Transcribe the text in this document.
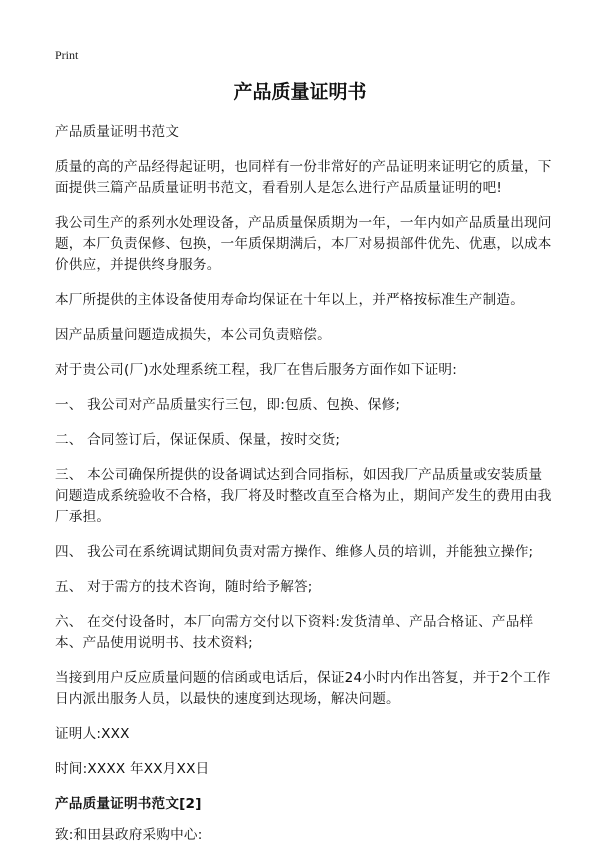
Print
产品质量证明书

产品质量证明书范文

质量的高的产品经得起证明，也同样有一份非常好的产品证明来证明它的质量，下面提供三篇产品质量证明书范文，看看别人是怎么进行产品质量证明的吧!

我公司生产的系列水处理设备，产品质量保质期为一年，一年内如产品质量出现问题，本厂负责保修、包换，一年质保期满后，本厂对易损部件优先、优惠，以成本价供应，并提供终身服务。

本厂所提供的主体设备使用寿命均保证在十年以上，并严格按标准生产制造。

因产品质量问题造成损失，本公司负责赔偿。

对于贵公司(厂)水处理系统工程，我厂在售后服务方面作如下证明:

一、 我公司对产品质量实行三包，即:包质、包换、保修;

二、 合同签订后，保证保质、保量，按时交货;

三、 本公司确保所提供的设备调试达到合同指标，如因我厂产品质量或安装质量问题造成系统验收不合格，我厂将及时整改直至合格为止，期间产发生的费用由我厂承担。

四、 我公司在系统调试期间负责对需方操作、维修人员的培训，并能独立操作;

五、 对于需方的技术咨询，随时给予解答;

六、 在交付设备时，本厂向需方交付以下资料:发货清单、产品合格证、产品样本、产品使用说明书、技术资料;

当接到用户反应质量问题的信函或电话后，保证24小时内作出答复，并于2个工作日内派出服务人员，以最快的速度到达现场，解决问题。

证明人:XXX

时间:XXXX 年XX月XX日

产品质量证明书范文[2]

致:和田县政府采购中心:
